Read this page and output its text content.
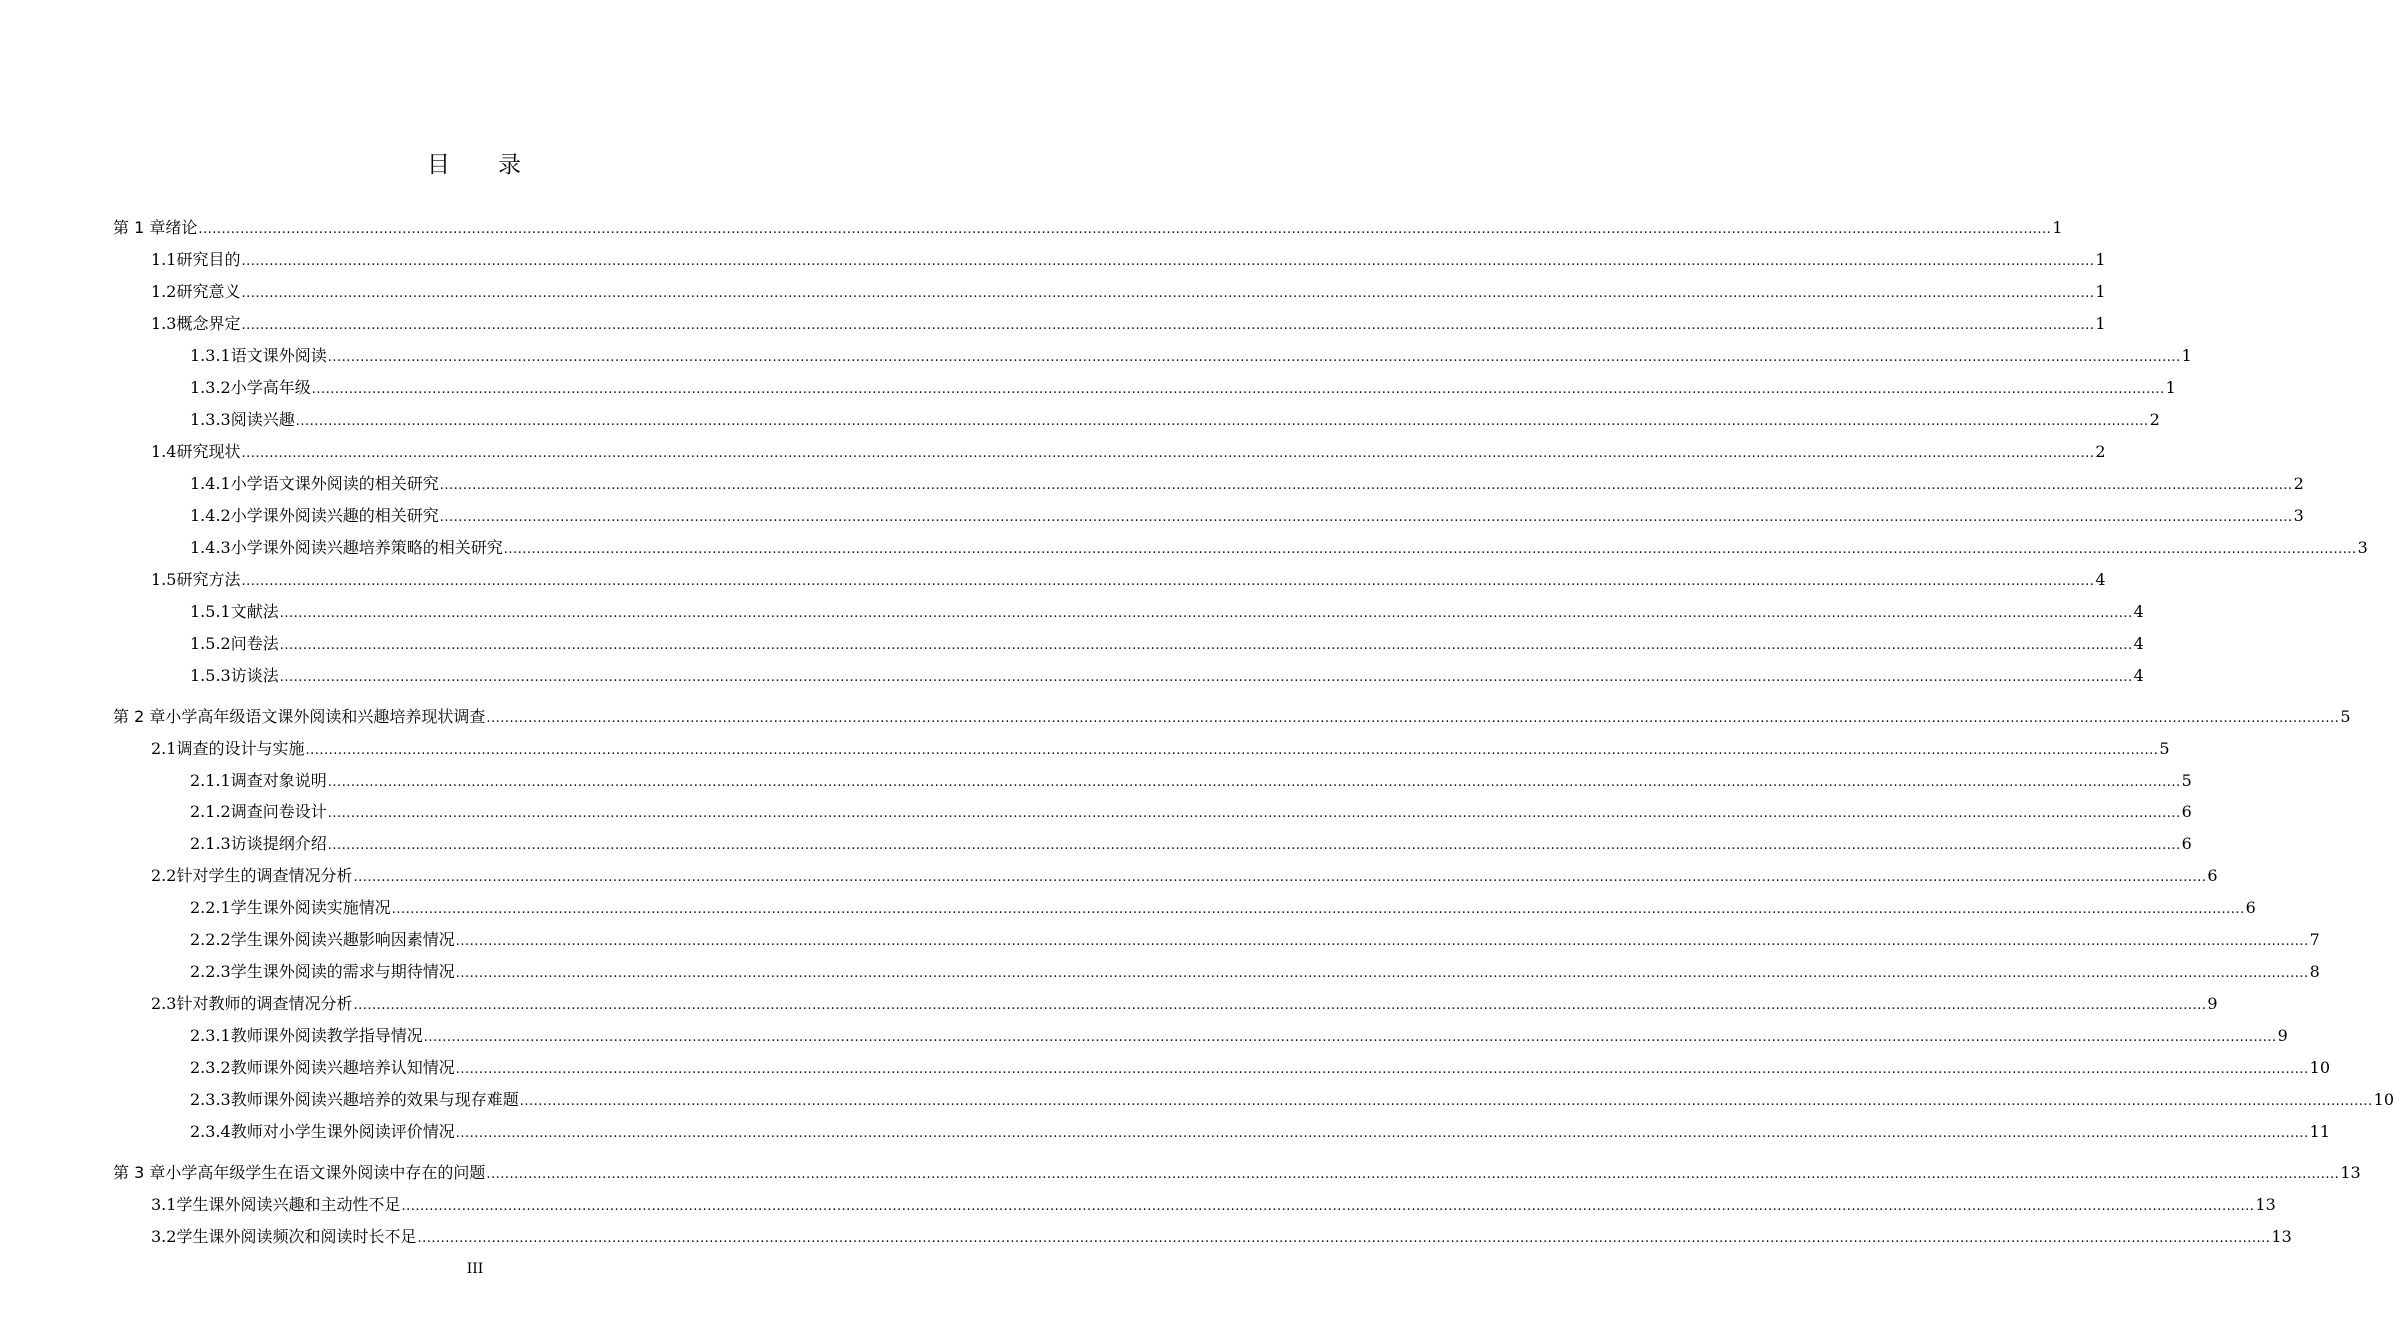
目 录
第 1 章 绪论 ................................................................................................................................................................................................................................................................................................................................................................................................................ 1
1.1 研究目的 ................................................................................................................................................................................................................................................................................................................................................................................................................ 1
1.2 研究意义 ................................................................................................................................................................................................................................................................................................................................................................................................................ 1
1.3 概念界定 ................................................................................................................................................................................................................................................................................................................................................................................................................ 1
1.3.1 语文课外阅读 ................................................................................................................................................................................................................................................................................................................................................................................................................ 1
1.3.2 小学高年级 ................................................................................................................................................................................................................................................................................................................................................................................................................ 1
1.3.3 阅读兴趣 ................................................................................................................................................................................................................................................................................................................................................................................................................ 2
1.4 研究现状 ................................................................................................................................................................................................................................................................................................................................................................................................................ 2
1.4.1 小学语文课外阅读的相关研究 ................................................................................................................................................................................................................................................................................................................................................................................................................ 2
1.4.2 小学课外阅读兴趣的相关研究 ................................................................................................................................................................................................................................................................................................................................................................................................................ 3
1.4.3 小学课外阅读兴趣培养策略的相关研究 ................................................................................................................................................................................................................................................................................................................................................................................................................ 3
1.5 研究方法 ................................................................................................................................................................................................................................................................................................................................................................................................................ 4
1.5.1 文献法 ................................................................................................................................................................................................................................................................................................................................................................................................................ 4
1.5.2 问卷法 ................................................................................................................................................................................................................................................................................................................................................................................................................ 4
1.5.3 访谈法 ................................................................................................................................................................................................................................................................................................................................................................................................................ 4
第 2 章 小学高年级语文课外阅读和兴趣培养现状调查 ................................................................................................................................................................................................................................................................................................................................................................................................................ 5
2.1 调查的设计与实施 ................................................................................................................................................................................................................................................................................................................................................................................................................ 5
2.1.1 调查对象说明 ................................................................................................................................................................................................................................................................................................................................................................................................................ 5
2.1.2 调查问卷设计 ................................................................................................................................................................................................................................................................................................................................................................................................................ 6
2.1.3 访谈提纲介绍 ................................................................................................................................................................................................................................................................................................................................................................................................................ 6
2.2 针对学生的调查情况分析 ................................................................................................................................................................................................................................................................................................................................................................................................................ 6
2.2.1 学生课外阅读实施情况 ................................................................................................................................................................................................................................................................................................................................................................................................................ 6
2.2.2 学生课外阅读兴趣影响因素情况 ................................................................................................................................................................................................................................................................................................................................................................................................................ 7
2.2.3 学生课外阅读的需求与期待情况 ................................................................................................................................................................................................................................................................................................................................................................................................................ 8
2.3 针对教师的调查情况分析 ................................................................................................................................................................................................................................................................................................................................................................................................................ 9
2.3.1 教师课外阅读教学指导情况 ................................................................................................................................................................................................................................................................................................................................................................................................................ 9
2.3.2 教师课外阅读兴趣培养认知情况 ................................................................................................................................................................................................................................................................................................................................................................................................................ 10
2.3.3 教师课外阅读兴趣培养的效果与现存难题 ................................................................................................................................................................................................................................................................................................................................................................................................................ 10
2.3.4 教师对小学生课外阅读评价情况 ................................................................................................................................................................................................................................................................................................................................................................................................................ 11
第 3 章 小学高年级学生在语文课外阅读中存在的问题 ................................................................................................................................................................................................................................................................................................................................................................................................................ 13
3.1 学生课外阅读兴趣和主动性不足 ................................................................................................................................................................................................................................................................................................................................................................................................................ 13
3.2 学生课外阅读频次和阅读时长不足 ................................................................................................................................................................................................................................................................................................................................................................................................................ 13
III
